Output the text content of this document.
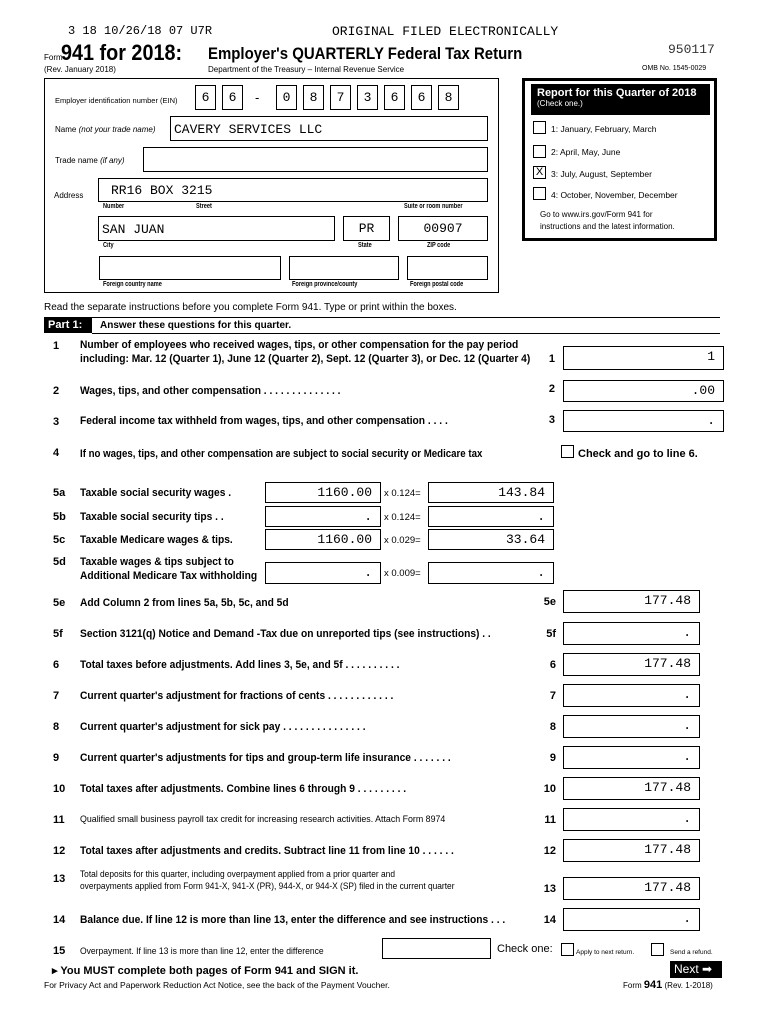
3 18 10/26/18 07 U7R	ORIGINAL FILED ELECTRONICALLY
Form
941 for 2018: Employer's QUARTERLY Federal Tax Return
(Rev. January 2018)	Department of the Treasury – Internal Revenue Service
950117
OMB No. 1545-0029
Employer identification number (EIN)	6	6	-	0	8	7	3	6	6	8
Name (not your trade name) CAVERY SERVICES LLC
Trade name (if any)
Address RR16 BOX 3215
Number	Street	Suite or room number
SAN JUAN	PR	00907
City	State	ZIP code
Foreign country name	Foreign province/county	Foreign postal code
Report for this Quarter of 2018
(Check one.)
1: January, February, March
2: April, May, June
X 3: July, August, September
4: October, November, December
Go to www.irs.gov/Form 941 for
instructions and the latest information.
Read the separate instructions before you complete Form 941. Type or print within the boxes.
Part 1:	Answer these questions for this quarter.
1 Number of employees who received wages, tips, or other compensation for the pay period
including: Mar. 12 (Quarter 1), June 12 (Quarter 2), Sept. 12 (Quarter 3), or Dec. 12 (Quarter 4)	1	1
2 Wages, tips, and other compensation . . . . . . . . . . . . . .	2	.00
3 Federal income tax withheld from wages, tips, and other compensation . . . .	3	.
4 If no wages, tips, and other compensation are subject to social security or Medicare tax	Check and go to line 6.
5a Taxable social security wages .	1160.00 x 0.124=	143.84
5b Taxable social security tips . .	. x 0.124=	.
5c Taxable Medicare wages & tips.	1160.00 x 0.029=	33.64
5d Taxable wages & tips subject to
Additional Medicare Tax withholding	. x 0.009=	.
5e Add Column 2 from lines 5a, 5b, 5c, and 5d	5e	177.48
5f Section 3121(q) Notice and Demand -Tax due on unreported tips (see instructions) . .	5f	.
6 Total taxes before adjustments. Add lines 3, 5e, and 5f . . . . . . . . . .	6	177.48
7 Current quarter's adjustment for fractions of cents . . . . . . . . . . . .	7	.
8 Current quarter's adjustment for sick pay . . . . . . . . . . . . . . .	8	.
9 Current quarter's adjustments for tips and group-term life insurance . . . . . . .	9	.
10 Total taxes after adjustments. Combine lines 6 through 9 . . . . . . . . .	10	177.48
11 Qualified small business payroll tax credit for increasing research activities. Attach Form 8974	11	.
12 Total taxes after adjustments and credits. Subtract line 11 from line 10 . . . . . .	12	177.48
13 Total deposits for this quarter, including overpayment applied from a prior quarter and
overpayments applied from Form 941-X, 941-X (PR), 944-X, or 944-X (SP) filed in the current quarter	13	177.48
14 Balance due. If line 12 is more than line 13, enter the difference and see instructions . . .	14	.
15 Overpayment. If line 13 is more than line 12, enter the difference	Check one:	Apply to next return.	Send a refund.
▸ You MUST complete both pages of Form 941 and SIGN it.	Next ➡
For Privacy Act and Paperwork Reduction Act Notice, see the back of the Payment Voucher.	Form 941 (Rev. 1-2018)
